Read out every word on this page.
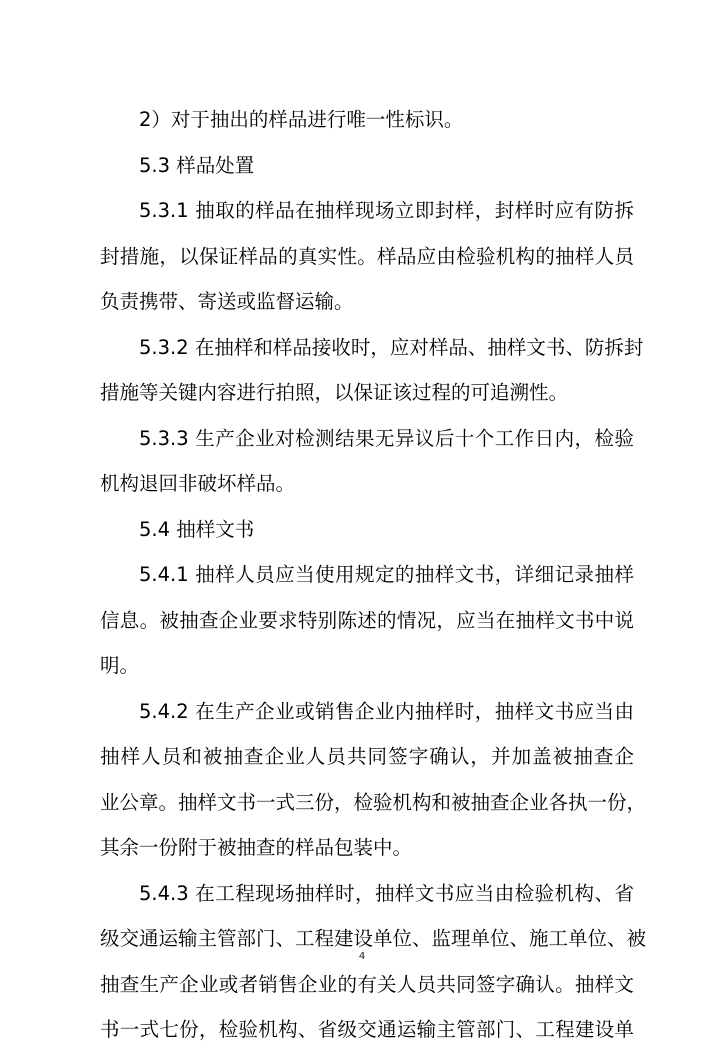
2）对于抽出的样品进行唯一性标识。
5.3 样品处置
5.3.1 抽取的样品在抽样现场立即封样，封样时应有防拆
封措施，以保证样品的真实性。样品应由检验机构的抽样人员
负责携带、寄送或监督运输。
5.3.2 在抽样和样品接收时，应对样品、抽样文书、防拆封
措施等关键内容进行拍照，以保证该过程的可追溯性。
5.3.3 生产企业对检测结果无异议后十个工作日内，检验
机构退回非破坏样品。
5.4 抽样文书
5.4.1 抽样人员应当使用规定的抽样文书，详细记录抽样
信息。被抽查企业要求特别陈述的情况，应当在抽样文书中说
明。
5.4.2 在生产企业或销售企业内抽样时，抽样文书应当由
抽样人员和被抽查企业人员共同签字确认，并加盖被抽查企
业公章。抽样文书一式三份，检验机构和被抽查企业各执一份，
其余一份附于被抽查的样品包装中。
5.4.3 在工程现场抽样时，抽样文书应当由检验机构、省
级交通运输主管部门、工程建设单位、监理单位、施工单位、被
抽查生产企业或者销售企业的有关人员共同签字确认。抽样文
书一式七份，检验机构、省级交通运输主管部门、工程建设单
4
